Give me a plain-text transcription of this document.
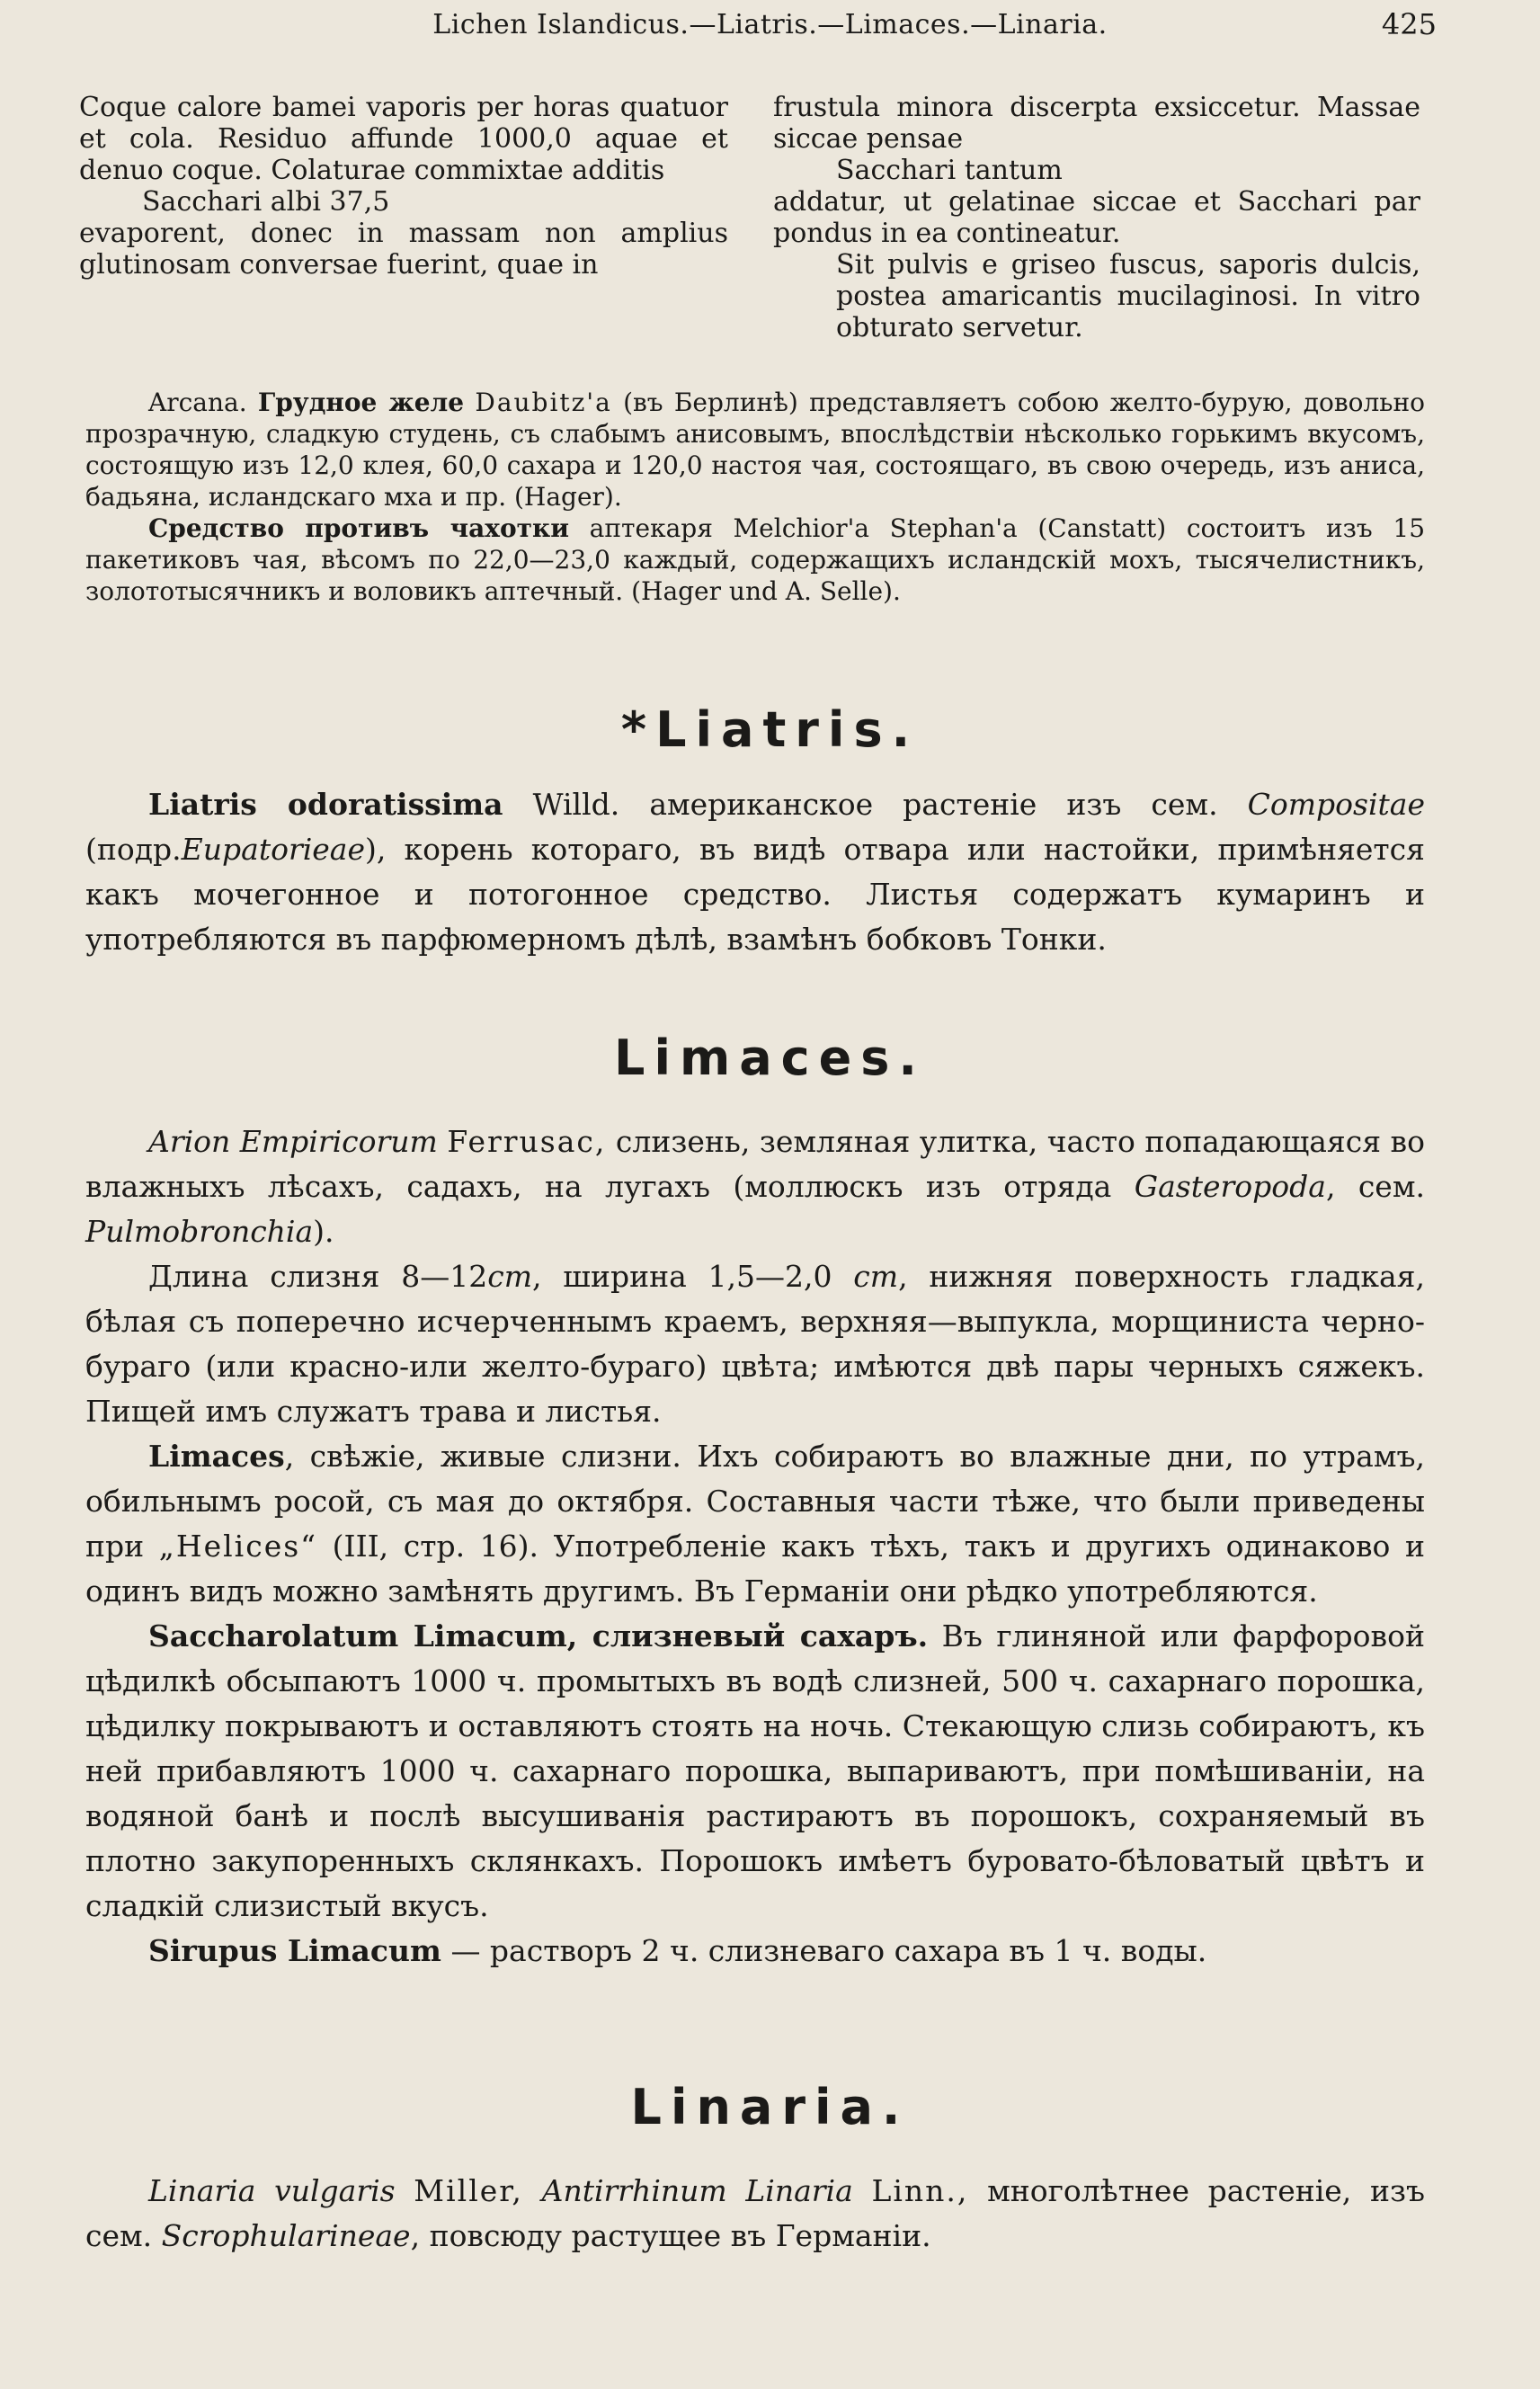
Lichen Islandicus.—Liatris.—Limaces.—Linaria.	425

Coque calore bamei vaporis per horas quatuor et cola. Residuo affunde 1000,0 aquae et denuo coque. Colaturae commixtae additis

Sacchari albi 37,5

evaporent, donec in massam non amplius glutinosam conversae fuerint, quae in

frustula minora discerpta exsiccetur. Massae siccae pensae

Sacchari tantum

addatur, ut gelatinae siccae et Sacchari par pondus in ea contineatur.

Sit pulvis e griseo fuscus, saporis dulcis, postea amaricantis mucilaginosi. In vitro obturato servetur.

Arcana. Грудное желе Daubitz'a (въ Берлинѣ) представляетъ собою желто-бурую, довольно прозрачную, сладкую студень, съ слабымъ анисовымъ, впослѣдствіи нѣсколько горькимъ вкусомъ, состоящую изъ 12,0 клея, 60,0 сахара и 120,0 настоя чая, состоящаго, въ свою очередь, изъ аниса, бадьяна, исландскаго мха и пр. (Hager).

Средство противъ чахотки аптекаря Melchior'a Stephan'a (Canstatt) состоитъ изъ 15 пакетиковъ чая, вѣсомъ по 22,0—23,0 каждый, содержащихъ исландскій мохъ, тысячелистникъ, золототысячникъ и воловикъ аптечный. (Hager und A. Selle).

*Liatris.

Liatris odoratissima Willd. американское растеніе изъ сем. Compositae (подр.Eupatorieae), корень котораго, въ видѣ отвара или настойки, примѣняется какъ мочегонное и потогонное средство. Листья содержатъ кумаринъ и употребляются въ парфюмерномъ дѣлѣ, взамѣнъ бобковъ Тонки.

Limaces.

Arion Empiricorum Ferrusac, слизень, земляная улитка, часто попадающаяся во влажныхъ лѣсахъ, садахъ, на лугахъ (моллюскъ изъ отряда Gasteropoda, сем. Pulmobronchia).

Длина слизня 8—12cm, ширина 1,5—2,0 cm, нижняя поверхность гладкая, бѣлая съ поперечно исчерченнымъ краемъ, верхняя—выпукла, морщиниста черно-бураго (или красно-или желто-бураго) цвѣта; имѣются двѣ пары черныхъ сяжекъ. Пищей имъ служатъ трава и листья.

Limaces, свѣжіе, живые слизни. Ихъ собираютъ во влажные дни, по утрамъ, обильнымъ росой, съ мая до октября. Составныя части тѣже, что были приведены при „Helices“ (III, стр. 16). Употребленіе какъ тѣхъ, такъ и другихъ одинаково и одинъ видъ можно замѣнять другимъ. Въ Германіи они рѣдко употребляются.

Saccharolatum Limacum, слизневый сахаръ. Въ глиняной или фарфоровой цѣдилкѣ обсыпаютъ 1000 ч. промытыхъ въ водѣ слизней, 500 ч. сахарнаго порошка, цѣдилку покрываютъ и оставляютъ стоять на ночь. Стекающую слизь собираютъ, къ ней прибавляютъ 1000 ч. сахарнаго порошка, выпариваютъ, при помѣшиваніи, на водяной банѣ и послѣ высушиванія растираютъ въ порошокъ, сохраняемый въ плотно закупоренныхъ склянкахъ. Порошокъ имѣетъ буровато-бѣловатый цвѣтъ и сладкій слизистый вкусъ.

Sirupus Limacum — растворъ 2 ч. слизневаго сахара въ 1 ч. воды.

Linaria.

Linaria vulgaris Miller, Antirrhinum Linaria Linn., многолѣтнее растеніе, изъ сем. Scrophularineae, повсюду растущее въ Германіи.
